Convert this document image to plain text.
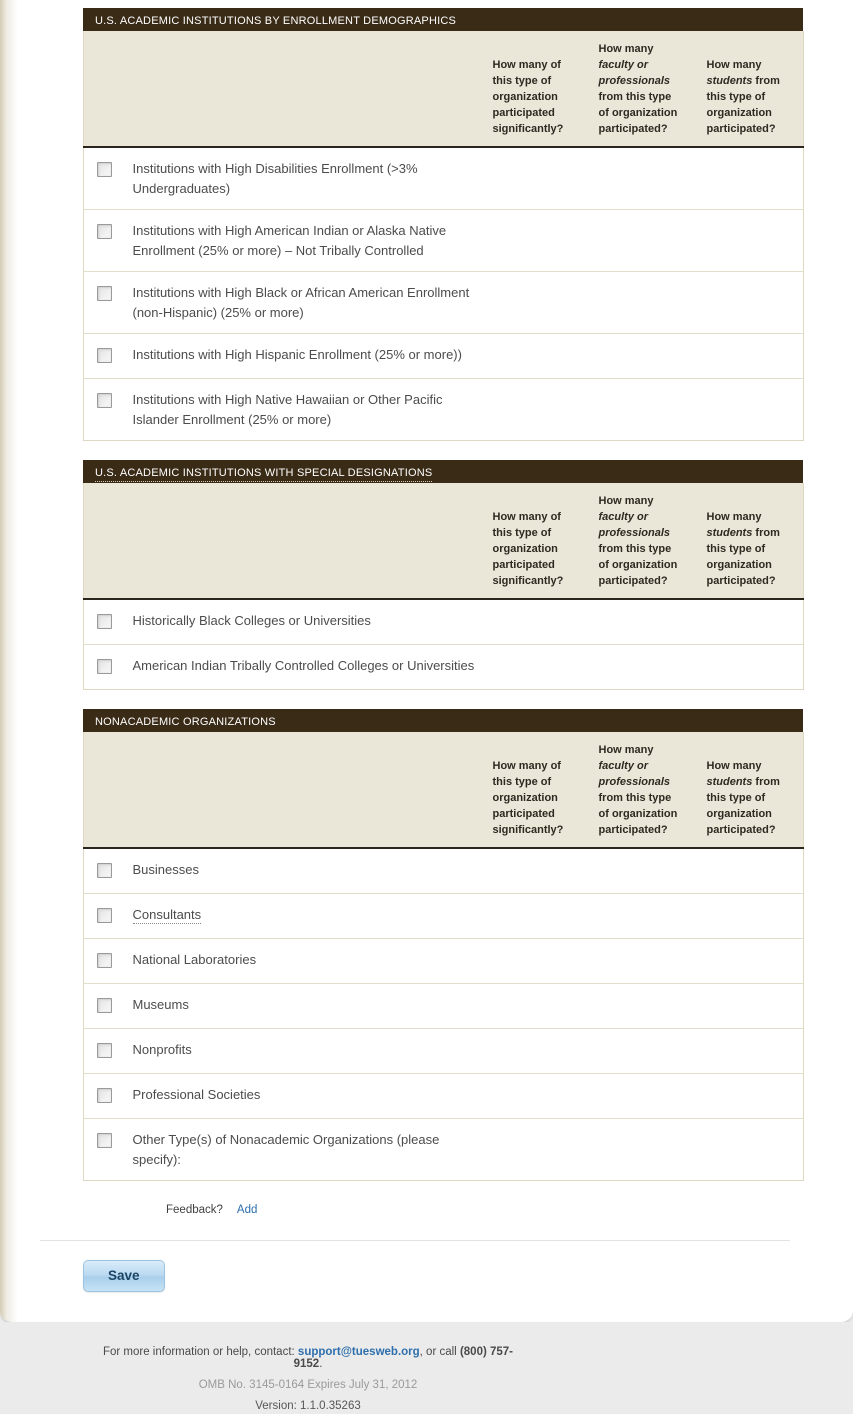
U.S. ACADEMIC INSTITUTIONS BY ENROLLMENT DEMOGRAPHICS
		How many of this type of organization participated significantly?	How many faculty or professionals from this type of organization participated?	How many students from this type of organization participated?
	Institutions with High Disabilities Enrollment (>3% Undergraduates)			
	Institutions with High American Indian or Alaska Native Enrollment (25% or more) – Not Tribally Controlled			
	Institutions with High Black or African American Enrollment (non-Hispanic) (25% or more)			
	Institutions with High Hispanic Enrollment (25% or more))			
	Institutions with High Native Hawaiian or Other Pacific Islander Enrollment (25% or more)			
U.S. ACADEMIC INSTITUTIONS WITH SPECIAL DESIGNATIONS
		How many of this type of organization participated significantly?	How many faculty or professionals from this type of organization participated?	How many students from this type of organization participated?
	Historically Black Colleges or Universities			
	American Indian Tribally Controlled Colleges or Universities			
NONACADEMIC ORGANIZATIONS
		How many of this type of organization participated significantly?	How many faculty or professionals from this type of organization participated?	How many students from this type of organization participated?
	Businesses			
	Consultants			
	National Laboratories			
	Museums			
	Nonprofits			
	Professional Societies			
	Other Type(s) of Nonacademic Organizations (please specify):			
Feedback? Add
Save
For more information or help, contact: support@tuesweb.org, or call (800) 757-9152.
OMB No. 3145-0164 Expires July 31, 2012
Version: 1.1.0.35263
